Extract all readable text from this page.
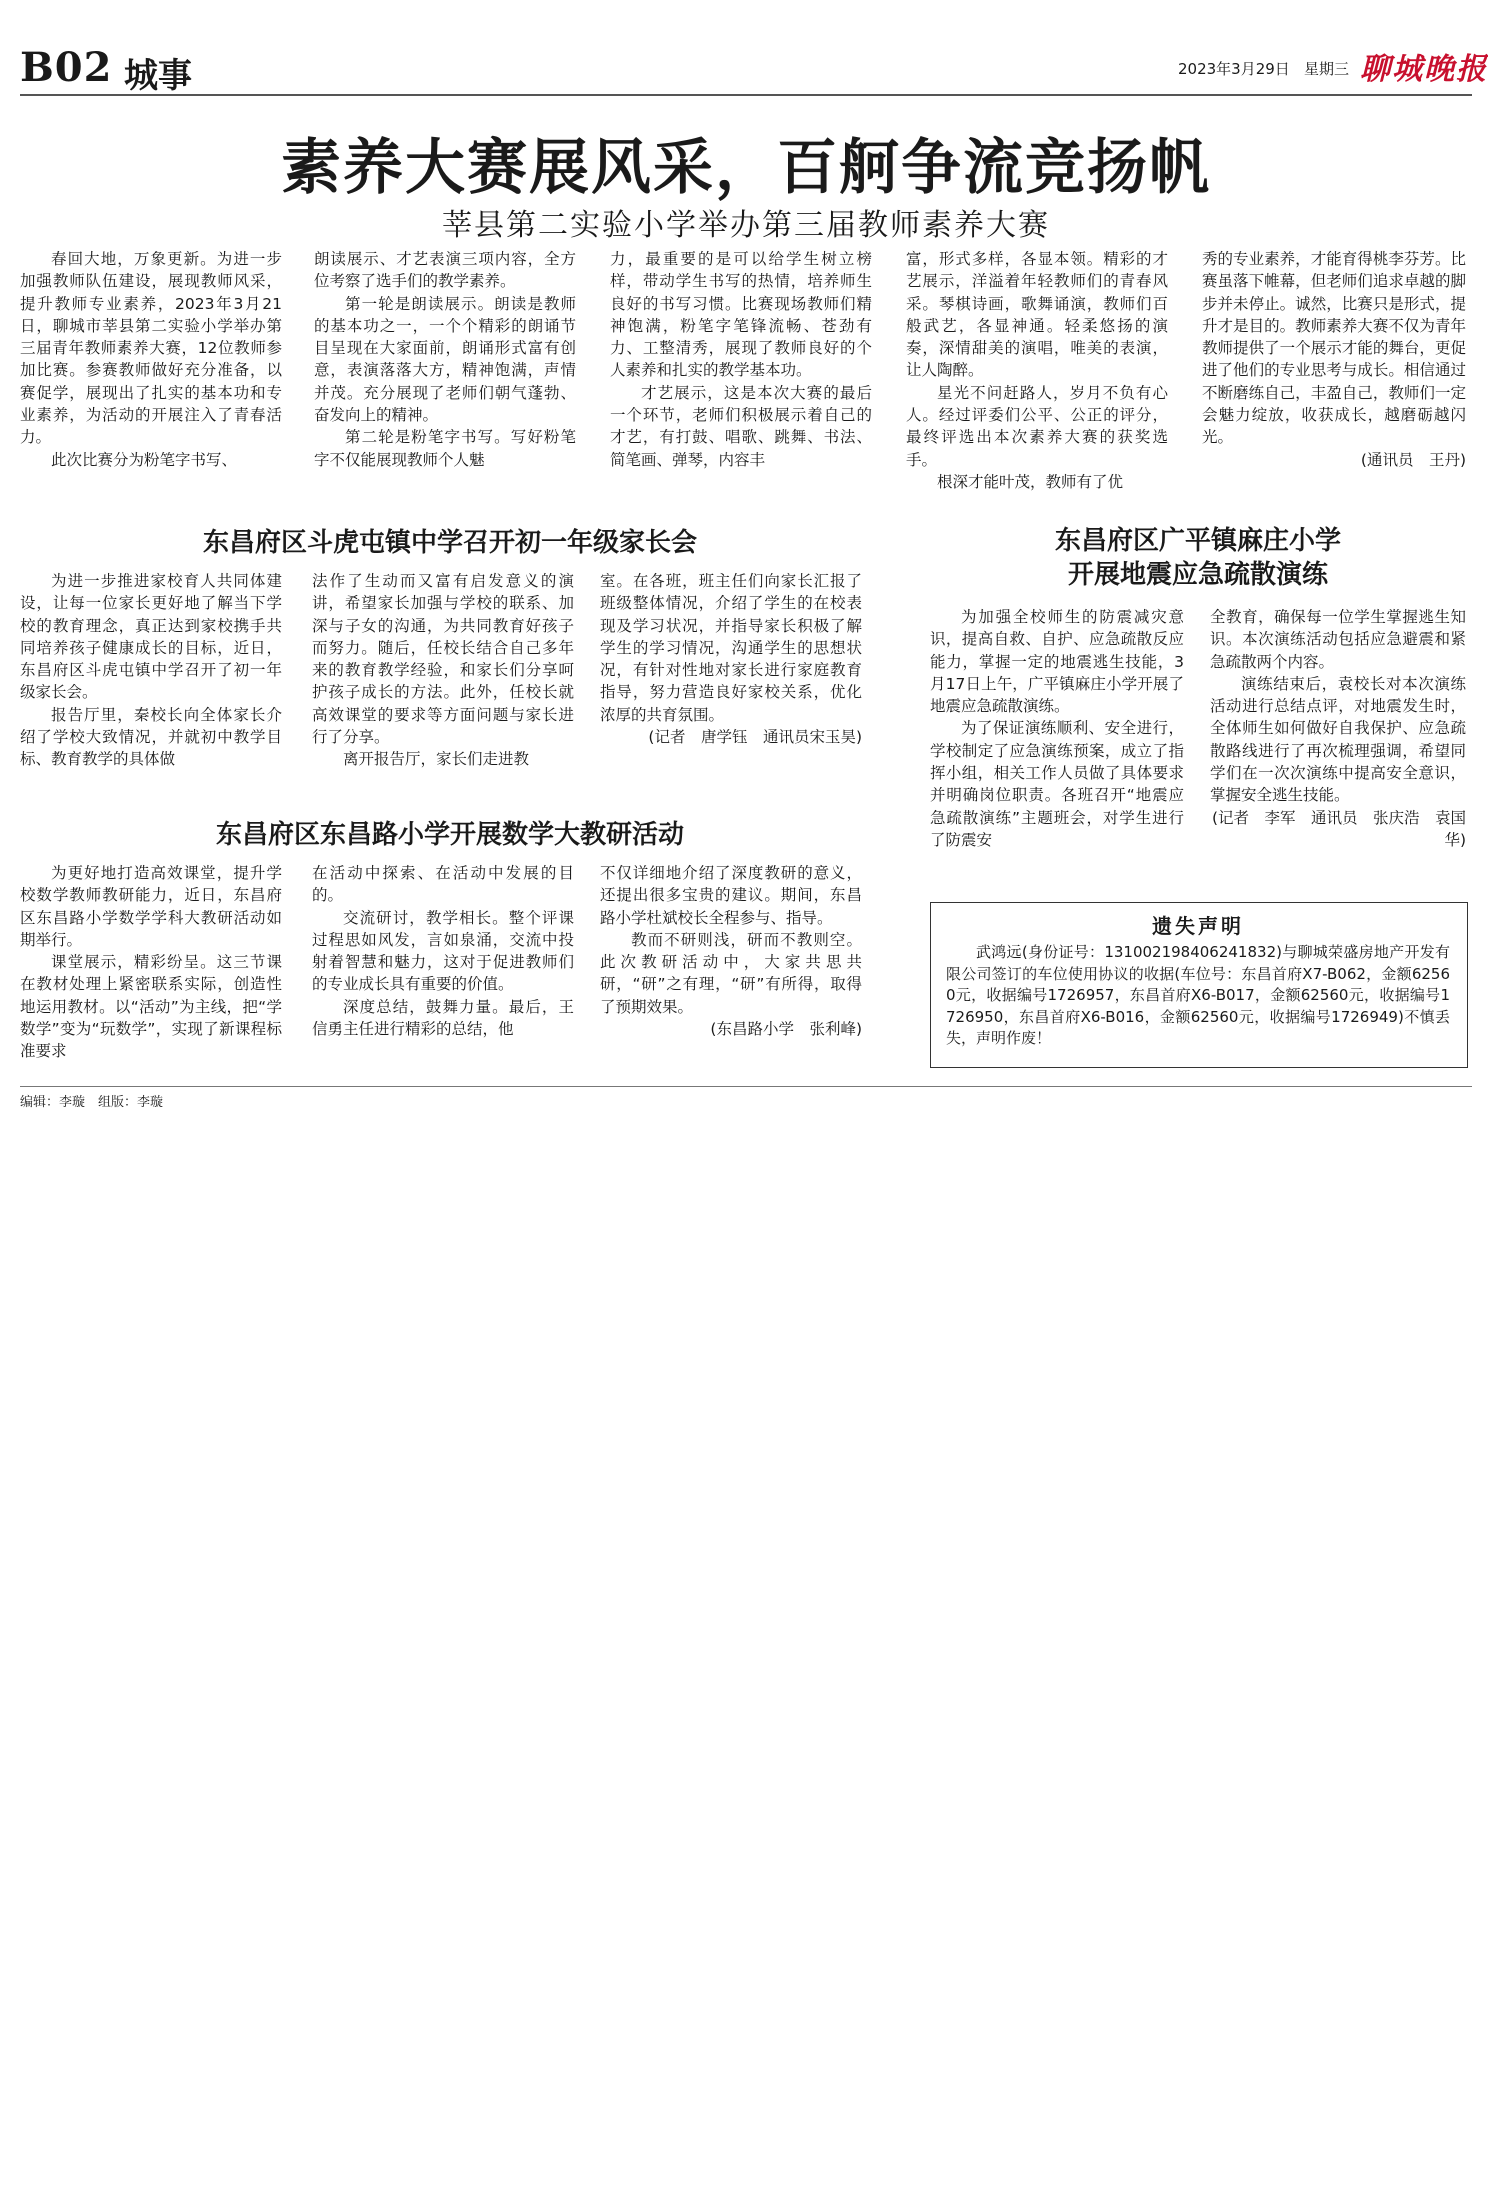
B02 城事	2023年3月29日 星期三 聊城晚报
素养大赛展风采，百舸争流竞扬帆
莘县第二实验小学举办第三届教师素养大赛

春回大地，万象更新。为进一步加强教师队伍建设，展现教师风采，提升教师专业素养，2023年3月21日，聊城市莘县第二实验小学举办第三届青年教师素养大赛，12位教师参加比赛。参赛教师做好充分准备，以赛促学，展现出了扎实的基本功和专业素养，为活动的开展注入了青春活力。

此次比赛分为粉笔字书写、

朗读展示、才艺表演三项内容，全方位考察了选手们的教学素养。

第一轮是朗读展示。朗读是教师的基本功之一，一个个精彩的朗诵节目呈现在大家面前，朗诵形式富有创意，表演落落大方，精神饱满，声情并茂。充分展现了老师们朝气蓬勃、奋发向上的精神。

第二轮是粉笔字书写。写好粉笔字不仅能展现教师个人魅

力，最重要的是可以给学生树立榜样，带动学生书写的热情，培养师生良好的书写习惯。比赛现场教师们精神饱满，粉笔字笔锋流畅、苍劲有力、工整清秀，展现了教师良好的个人素养和扎实的教学基本功。

才艺展示，这是本次大赛的最后一个环节，老师们积极展示着自己的才艺，有打鼓、唱歌、跳舞、书法、简笔画、弹琴，内容丰

富，形式多样，各显本领。精彩的才艺展示，洋溢着年轻教师们的青春风采。琴棋诗画，歌舞诵演，教师们百般武艺，各显神通。轻柔悠扬的演奏，深情甜美的演唱，唯美的表演，让人陶醉。

星光不问赶路人，岁月不负有心人。经过评委们公平、公正的评分，最终评选出本次素养大赛的获奖选手。

根深才能叶茂，教师有了优

秀的专业素养，才能育得桃李芬芳。比赛虽落下帷幕，但老师们追求卓越的脚步并未停止。诚然，比赛只是形式，提升才是目的。教师素养大赛不仅为青年教师提供了一个展示才能的舞台，更促进了他们的专业思考与成长。相信通过不断磨练自己，丰盈自己，教师们一定会魅力绽放，收获成长，越磨砺越闪光。

(通讯员　王丹)

东昌府区斗虎屯镇中学召开初一年级家长会

为进一步推进家校育人共同体建设，让每一位家长更好地了解当下学校的教育理念，真正达到家校携手共同培养孩子健康成长的目标，近日，东昌府区斗虎屯镇中学召开了初一年级家长会。

报告厅里，秦校长向全体家长介绍了学校大致情况，并就初中教学目标、教育教学的具体做

法作了生动而又富有启发意义的演讲，希望家长加强与学校的联系、加深与子女的沟通，为共同教育好孩子而努力。随后，任校长结合自己多年来的教育教学经验，和家长们分享呵护孩子成长的方法。此外，任校长就高效课堂的要求等方面问题与家长进行了分享。

离开报告厅，家长们走进教

室。在各班，班主任们向家长汇报了班级整体情况，介绍了学生的在校表现及学习状况，并指导家长积极了解学生的学习情况，沟通学生的思想状况，有针对性地对家长进行家庭教育指导，努力营造良好家校关系，优化浓厚的共育氛围。

(记者　唐学钰　通讯员宋玉昊)

东昌府区广平镇麻庄小学
开展地震应急疏散演练

为加强全校师生的防震减灾意识，提高自救、自护、应急疏散反应能力，掌握一定的地震逃生技能，3月17日上午，广平镇麻庄小学开展了地震应急疏散演练。

为了保证演练顺利、安全进行，学校制定了应急演练预案，成立了指挥小组，相关工作人员做了具体要求并明确岗位职责。各班召开“地震应急疏散演练”主题班会，对学生进行了防震安

全教育，确保每一位学生掌握逃生知识。本次演练活动包括应急避震和紧急疏散两个内容。

演练结束后，袁校长对本次演练活动进行总结点评，对地震发生时，全体师生如何做好自我保护、应急疏散路线进行了再次梳理强调，希望同学们在一次次演练中提高安全意识，掌握安全逃生技能。

(记者　李军　通讯员　张庆浩　袁国华)

东昌府区东昌路小学开展数学大教研活动

为更好地打造高效课堂，提升学校数学教师教研能力，近日，东昌府区东昌路小学数学学科大教研活动如期举行。

课堂展示，精彩纷呈。这三节课在教材处理上紧密联系实际，创造性地运用教材。以“活动”为主线，把“学数学”变为“玩数学”，实现了新课程标准要求

在活动中探索、在活动中发展的目的。

交流研讨，教学相长。整个评课过程思如风发，言如泉涌，交流中投射着智慧和魅力，这对于促进教师们的专业成长具有重要的价值。

深度总结，鼓舞力量。最后，王信勇主任进行精彩的总结，他

不仅详细地介绍了深度教研的意义，还提出很多宝贵的建议。期间，东昌路小学杜斌校长全程参与、指导。

教而不研则浅，研而不教则空。此次教研活动中，大家共思共研，“研”之有理，“研”有所得，取得了预期效果。

(东昌路小学　张利峰)

遗失声明

武鸿远(身份证号：131002198406241832)与聊城荣盛房地产开发有限公司签订的车位使用协议的收据(车位号：东昌首府X7-B062，金额62560元，收据编号1726957，东昌首府X6-B017，金额62560元，收据编号1726950，东昌首府X6-B016，金额62560元，收据编号1726949)不慎丢失，声明作废！

编辑：李璇　组版：李璇
